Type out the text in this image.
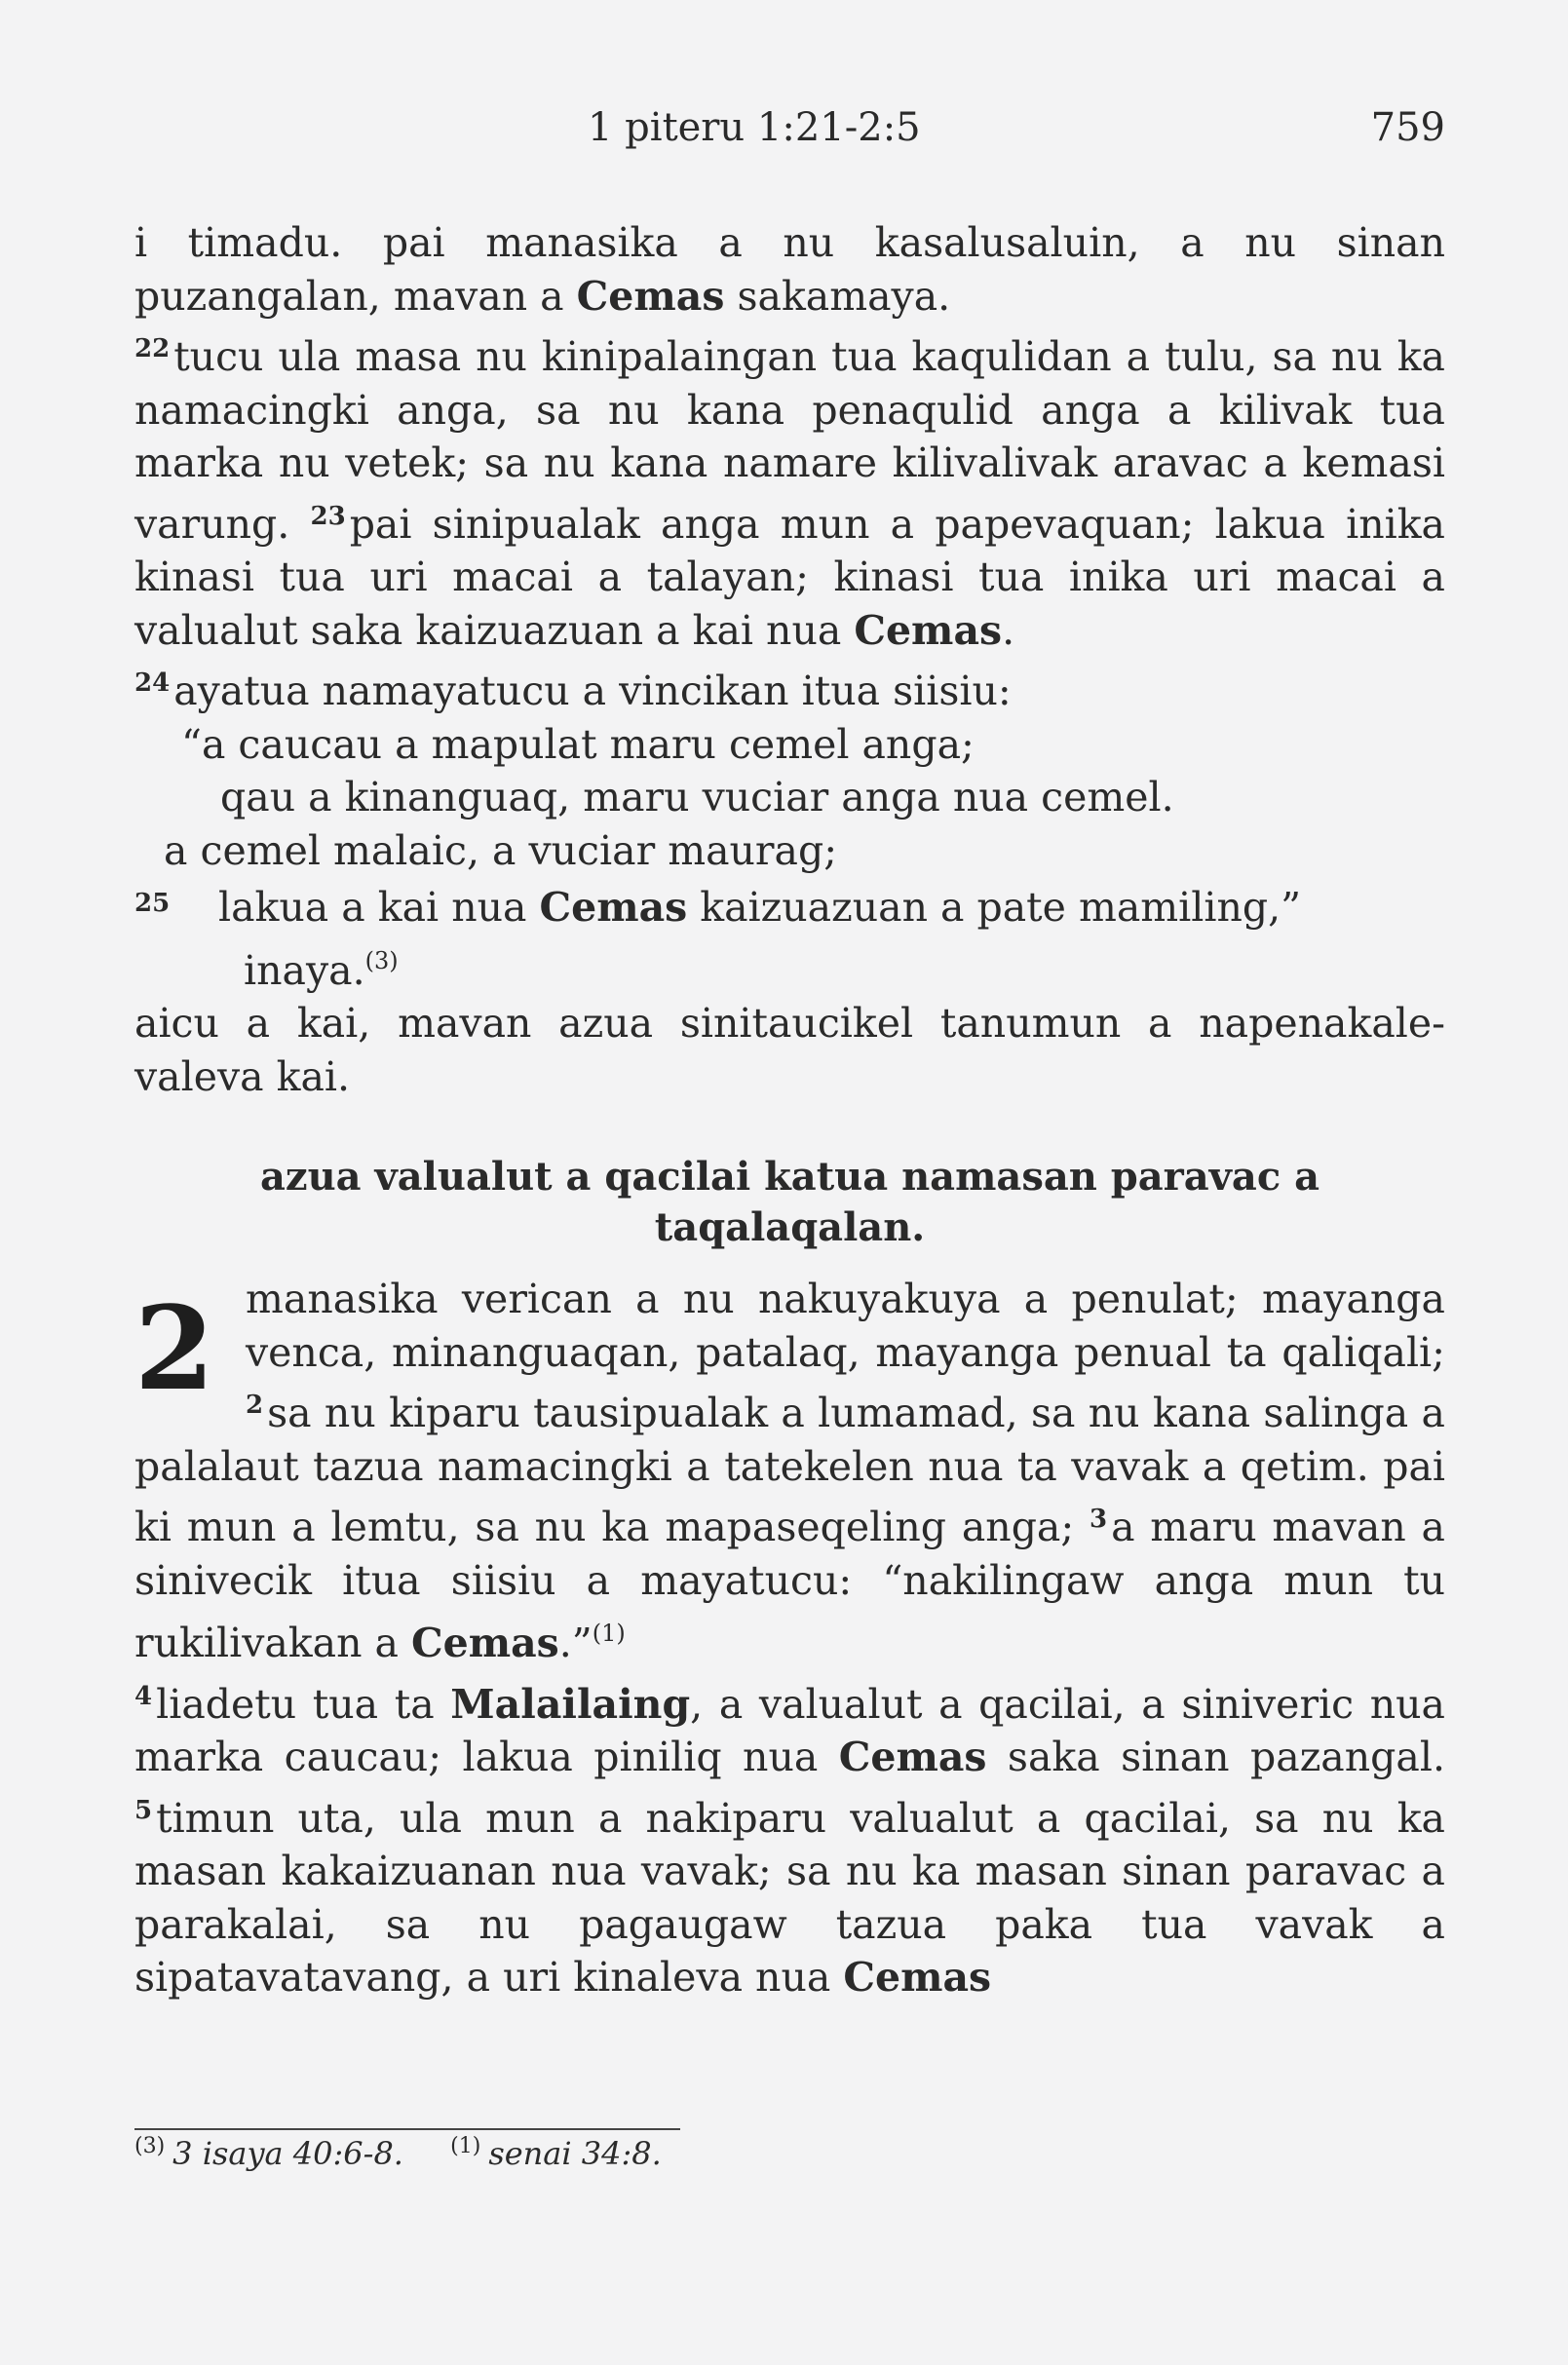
1 piteru 1:21-2:5	759

i timadu. pai manasika a nu kasalusaluin, a nu sinan puzangalan, mavan a Cemas sakamaya.

$^{22}$tucu ula masa nu kinipalaingan tua kaqulidan a tulu, sa nu ka namacingki anga, sa nu kana penaqulid anga a kilivak tua marka nu vetek; sa nu kana namare kilivalivak aravac a kemasi varung. $^{23}$pai sinipualak anga mun a papevaquan; lakua inika kinasi tua uri macai a talayan; kinasi tua inika uri macai a valualut saka kaizuazuan a kai nua Cemas.
$^{24}$ayatua namayatucu a vincikan itua siisiu:

“a caucau a mapulat maru cemel anga;
qau a kinanguaq, maru vuciar anga nua cemel.
a cemel malaic, a vuciar maurag;
25 lakua a kai nua Cemas kaizuazuan a pate mamiling,”
inaya.$^{(3)}$

aicu a kai, mavan azua sinitaucikel tanumun a napenakale-valeva kai.

azua valualut a qacilai katua namasan paravac a taqalaqalan.

2 manasika verican a nu nakuyakuya a penulat; mayanga venca, minanguaqan, patalaq, mayanga penual ta qaliqali; $^2$sa nu kiparu tausipualak a lumamad, sa nu kana salinga a palalaut tazua namacingki a tatekelen nua ta vavak a qetim. pai ki mun a lemtu, sa nu ka mapaseqeling anga; $^3$a maru mavan a sinivecik itua siisiu a mayatucu: “nakilingaw anga mun tu rukilivakan a Cemas.”$^{(1)}$

$^4$liadetu tua ta Malailaing, a valualut a qacilai, a siniveric nua marka caucau; lakua piniliq nua Cemas saka sinan pazangal. $^5$timun uta, ula mun a nakiparu valualut a qacilai, sa nu ka masan kakaizuanan nua vavak; sa nu ka masan sinan paravac a parakalai, sa nu pagaugaw tazua paka tua vavak a sipatavatavang, a uri kinaleva nua Cemas

$^{(3)}$ 3 isaya 40:6-8. $^{(1)}$ senai 34:8.
